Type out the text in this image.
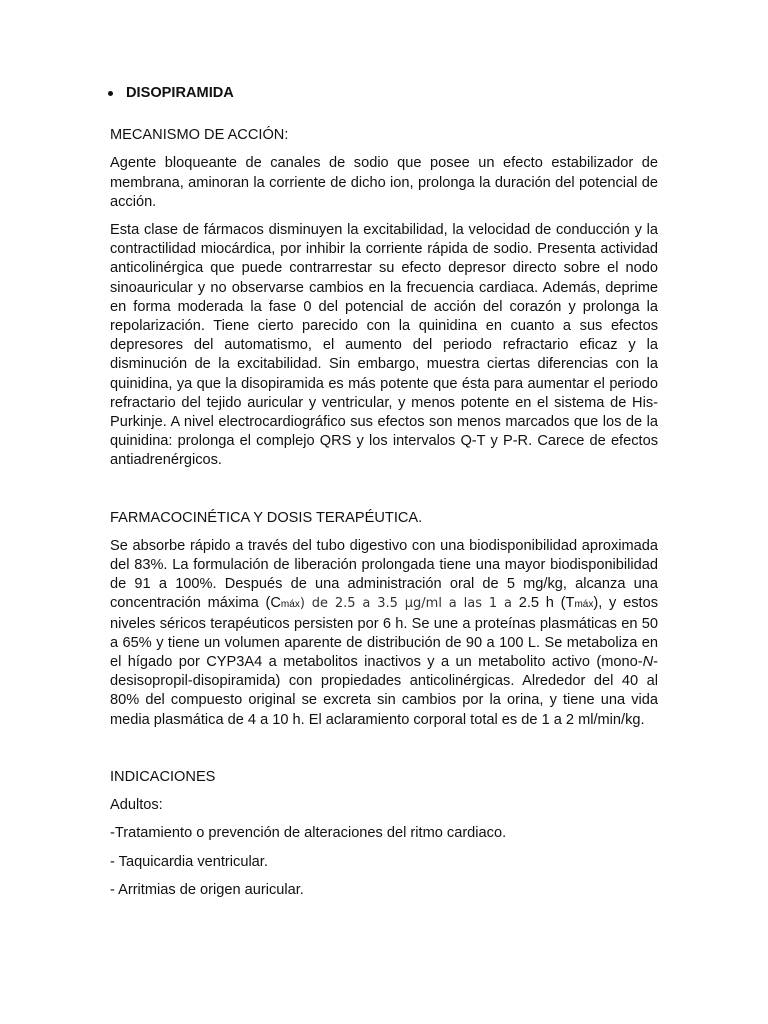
DISOPIRAMIDA
MECANISMO DE ACCIÓN:

Agente bloqueante de canales de sodio que posee un efecto estabilizador de membrana, aminoran la corriente de dicho ion, prolonga la duración del potencial de acción.

Esta clase de fármacos disminuyen la excitabilidad, la velocidad de conducción y la contractilidad miocárdica, por inhibir la corriente rápida de sodio. Presenta actividad anticolinérgica que puede contrarrestar su efecto depresor directo sobre el nodo sinoauricular y no observarse cambios en la frecuencia cardiaca. Además, deprime en forma moderada la fase 0 del potencial de acción del corazón y prolonga la repolarización. Tiene cierto parecido con la quinidina en cuanto a sus efectos depresores del automatismo, el aumento del periodo refractario eficaz y la disminución de la excitabilidad. Sin embargo, muestra ciertas diferencias con la quinidina, ya que la disopiramida es más potente que ésta para aumentar el periodo refractario del tejido auricular y ventricular, y menos potente en el sistema de His-Purkinje. A nivel electrocardiográfico sus efectos son menos marcados que los de la quinidina: prolonga el complejo QRS y los intervalos Q-T y P-R. Carece de efectos antiadrenérgicos.

FARMACOCINÉTICA Y DOSIS TERAPÉUTICA.

Se absorbe rápido a través del tubo digestivo con una biodisponibilidad aproximada del 83%. La formulación de liberación prolongada tiene una mayor biodisponibilidad de 91 a 100%. Después de una administración oral de 5 mg/kg, alcanza una concentración máxima (Cmáx) de 2.5 a 3.5 μg/ml a las 1 a 2.5 h (Tmáx), y estos niveles séricos terapéuticos persisten por 6 h. Se une a proteínas plasmáticas en 50 a 65% y tiene un volumen aparente de distribución de 90 a 100 L. Se metaboliza en el hígado por CYP3A4 a metabolitos inactivos y a un metabolito activo (mono-N-desisopropil-disopiramida) con propiedades anticolinérgicas. Alrededor del 40 al 80% del compuesto original se excreta sin cambios por la orina, y tiene una vida media plasmática de 4 a 10 h. El aclaramiento corporal total es de 1 a 2 ml/min/kg.

INDICACIONES
Adultos:
-Tratamiento o prevención de alteraciones del ritmo cardiaco.
- Taquicardia ventricular.
- Arritmias de origen auricular.
